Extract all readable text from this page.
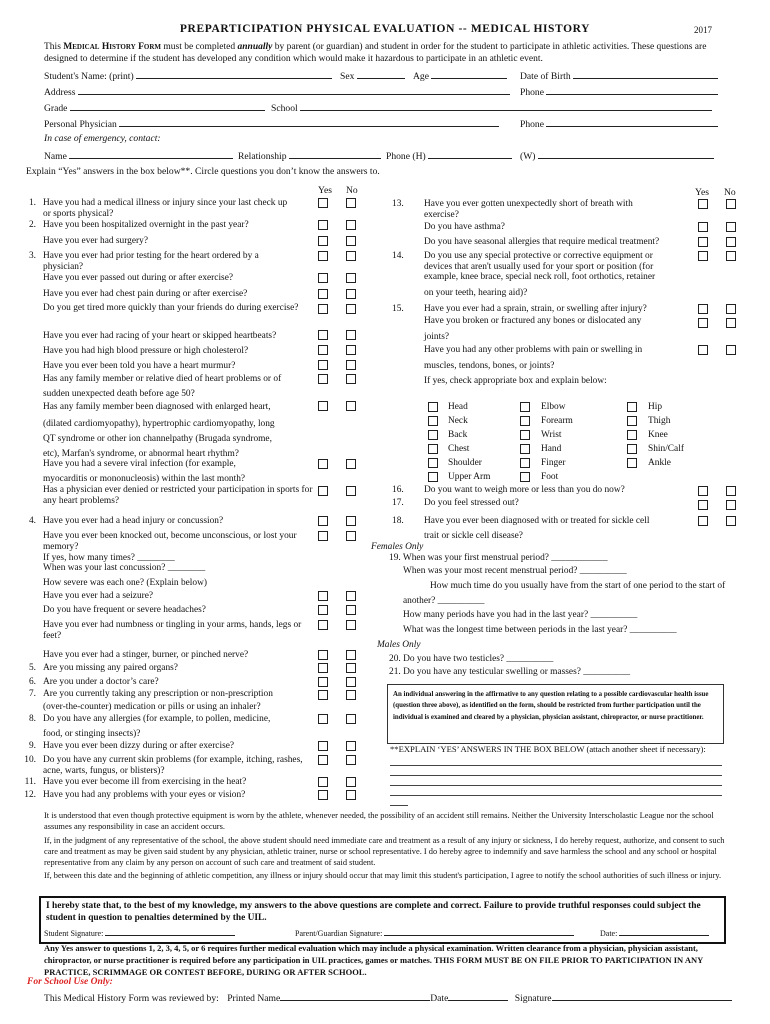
PREPARTICIPATION PHYSICAL EVALUATION -- MEDICAL HISTORY	2017
This Medical History Form must be completed annually by parent (or guardian) and student in order for the student to participate in athletic activities. These questions are designed to determine if the student has developed any condition which would make it hazardous to participate in an athletic event.
Student's Name: (print)	Sex	Age	Date of Birth
Address	Phone
Grade	School
Personal Physician	Phone
In case of emergency, contact:
Name	Relationship	Phone (H)	(W)
Explain “Yes” answers in the box below**. Circle questions you don’t know the answers to.
Yes No	Yes No
1. Have you had a medical illness or injury since your last check up or sports physical?
2. Have you been hospitalized overnight in the past year?
Have you ever had surgery?
3. Have you ever had prior testing for the heart ordered by a physician?
Have you ever passed out during or after exercise?
Have you ever had chest pain during or after exercise?
Do you get tired more quickly than your friends do during exercise?
Have you ever had racing of your heart or skipped heartbeats?
Have you had high blood pressure or high cholesterol?
Have you ever been told you have a heart murmur?
Has any family member or relative died of heart problems or of
sudden unexpected death before age 50?
Has any family member been diagnosed with enlarged heart,
(dilated cardiomyopathy), hypertrophic cardiomyopathy, long
QT syndrome or other ion channelpathy (Brugada syndrome,
etc), Marfan's syndrome, or abnormal heart rhythm?
Have you had a severe viral infection (for example,
myocarditis or mononucleosis) within the last month?
Has a physician ever denied or restricted your participation in sports for any heart problems?
4. Have you ever had a head injury or concussion?
Have you ever been knocked out, become unconscious, or lost your memory?
If yes, how many times? ________
When was your last concussion? ________
How severe was each one? (Explain below)
Have you ever had a seizure?
Do you have frequent or severe headaches?
Have you ever had numbness or tingling in your arms, hands, legs or feet?
Have you ever had a stinger, burner, or pinched nerve?
5. Are you missing any paired organs?
6. Are you under a doctor’s care?
7. Are you currently taking any prescription or non-prescription
(over-the-counter) medication or pills or using an inhaler?
8. Do you have any allergies (for example, to pollen, medicine,
food, or stinging insects)?
9. Have you ever been dizzy during or after exercise?
10. Do you have any current skin problems (for example, itching, rashes, acne, warts, fungus, or blisters)?
11. Have you ever become ill from exercising in the heat?
12. Have you had any problems with your eyes or vision?
13. Have you ever gotten unexpectedly short of breath with exercise?
Do you have asthma?
Do you have seasonal allergies that require medical treatment?
14. Do you use any special protective or corrective equipment or devices that aren't usually used for your sport or position (for example, knee brace, special neck roll, foot orthotics, retainer
on your teeth, hearing aid)?
15. Have you ever had a sprain, strain, or swelling after injury?
Have you broken or fractured any bones or dislocated any
joints?
Have you had any other problems with pain or swelling in
muscles, tendons, bones, or joints?
If yes, check appropriate box and explain below:
16. Do you want to weigh more or less than you do now?
17. Do you feel stressed out?
18. Have you ever been diagnosed with or treated for sickle cell
trait or sickle cell disease?
Head	Elbow	Hip
Neck	Forearm	Thigh
Back	Wrist	Knee
Chest	Hand	Shin/Calf
Shoulder	Finger	Ankle
Upper Arm	Foot
Females Only
19. When was your first menstrual period? ____________
When was your most recent menstrual period? __________
How much time do you usually have from the start of one period to the start of
another? __________
How many periods have you had in the last year? __________
What was the longest time between periods in the last year? __________
Males Only
20. Do you have two testicles? __________
21. Do you have any testicular swelling or masses? __________
An individual answering in the affirmative to any question relating to a possible cardiovascular health issue (question three above), as identified on the form, should be restricted from further participation until the individual is examined and cleared by a physician, physician assistant, chiropractor, or nurse practitioner.
**EXPLAIN ‘YES’ ANSWERS IN THE BOX BELOW (attach another sheet if necessary):
It is understood that even though protective equipment is worn by the athlete, whenever needed, the possibility of an accident still remains. Neither the University Interscholastic League nor the school assumes any responsibility in case an accident occurs.
If, in the judgment of any representative of the school, the above student should need immediate care and treatment as a result of any injury or sickness, I do hereby request, authorize, and consent to such care and treatment as may be given said student by any physician, athletic trainer, nurse or school representative. I do hereby agree to indemnify and save harmless the school and any school or hospital representative from any claim by any person on account of such care and treatment of said student.
If, between this date and the beginning of athletic competition, any illness or injury should occur that may limit this student's participation, I agree to notify the school authorities of such illness or injury.
I hereby state that, to the best of my knowledge, my answers to the above questions are complete and correct. Failure to provide truthful responses could subject the student in question to penalties determined by the UIL.
Student Signature:	Parent/Guardian Signature:	Date:
Any Yes answer to questions 1, 2, 3, 4, 5, or 6 requires further medical evaluation which may include a physical examination. Written clearance from a physician, physician assistant, chiropractor, or nurse practitioner is required before any participation in UIL practices, games or matches. THIS FORM MUST BE ON FILE PRIOR TO PARTICIPATION IN ANY PRACTICE, SCRIMMAGE OR CONTEST BEFORE, DURING OR AFTER SCHOOL.
For School Use Only:
This Medical History Form was reviewed by: Printed Name	Date	Signature
